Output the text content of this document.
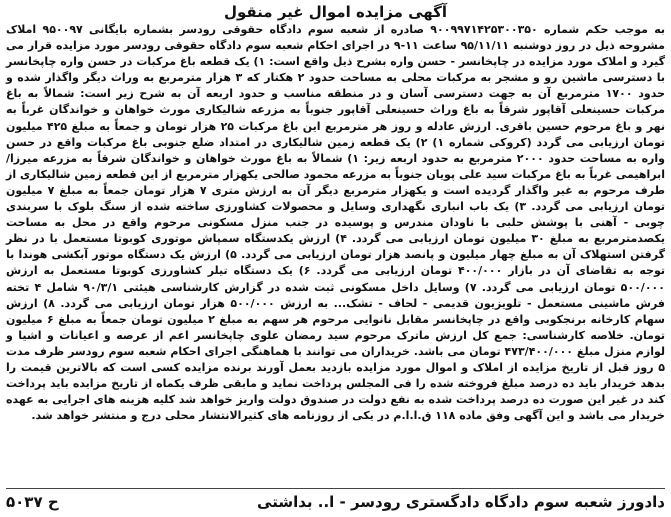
آگهی مزایده اموال غیر منقول

به موجب حکم شماره ۹۰۰۹۹۷۱۴۲۵۳۰۰۳۵۰ صادره از شعبه سوم دادگاه حقوقی رودسر بشماره بایگانی ۹۵۰۰۹۷ املاک مشروحه ذیل در روز دوشنبه ۹۵/۱۱/۱۱ ساعت ۱۱-۹ در اجرای احکام شعبه سوم دادگاه حقوقی رودسر مورد مزایده قرار می گیرد و املاک مورد مزایده در چاپخانسر - حسن واره بشرح ذیل واقع است: ۱) یک قطعه باغ مرکبات در حسن واره چاپخانسر با دسترسی ماشین رو و مشجر به مرکبات محلی به مساحت حدود ۲ هکتار که ۳ هزار مترمربع به وراث دیگر واگذار شده و حدود ۱۷۰۰ مترمربع آن به جهت دسترسی آسان و در منطقه مناسب و حدود اربعه آن به شرح زیر است: شمالاً به باغ مرکبات حسینعلی آقاپور شرقاً به باغ وراث حسینعلی آقاپور جنوباً به مزرعه شالیکاری مورث خواهان و خواندگان غرباً به نهر و باغ مرحوم حسین باقری. ارزش عادله و روز هر مترمربع این باغ مرکبات ۲۵ هزار تومان و جمعاً به مبلغ ۴۲۵ میلیون تومان ارزیابی می گردد (کروکی شماره ۱) ۲) یک قطعه زمین شالیکاری در امتداد ضلع جنوبی باغ مرکبات واقع در حسن واره به مساحت حدود ۲۰۰۰ مترمربع به حدود اربعه زیر: ۱) شمالاً به باغ مورث خواهان و خواندگان شرقاً به مزرعه میرزا/ابراهیمی غرباً به باغ مرکبات سید علی پویان جنوباً به مزرعه محمود صالحی یکهزار مترمربع از این قطعه زمین شالیکاری از طرف مرحوم به غیر واگذار گردیده است و یکهزار مترمربع دیگر آن به ارزش متری ۷ هزار تومان جمعاً به مبلغ ۷ میلیون تومان ارزیابی می گردد. ۳) یک باب انباری نگهداری وسایل و محصولات کشاورزی ساخته شده از سنگ بلوک با سربندی چوبی - آهنی با پوشش حلبی با ناودان مندرس و پوسیده در جنب منزل مسکونی مرحوم واقع در محل به مساحت یکصدمترمربع به مبلغ ۳۰ میلیون تومان ارزیابی می گردد. ۴) ارزش یکدستگاه سمپاش موتوری کوبوتا مستعمل با در نظر گرفتن استهلاک آن به مبلغ چهار میلیون و پانصد هزار تومان ارزیابی می گردد. ۵) ارزش یک دستگاه موتور آبکشی هوندا با توجه به تقاضای آن در بازار ۴۰۰/۰۰۰ تومان ارزیابی می گردد. ۶) یک دستگاه تیلر کشاورزی کوبوتا مستعمل به ارزش ۵۰۰/۰۰۰ تومان ارزیابی می گردد. ۷) وسایل داخل مسکونی ثبت شده در گزارش کارشناسی هیئتی ۹۰/۳/۱ شامل ۴ تخته فرش ماشینی مستعمل - تلویزیون قدیمی - لحاف - تشک... به ارزش ۵۰۰/۰۰۰ هزار تومان ارزیابی می گردد. ۸) ارزش سهام کارخانه برنجکوبی واقع در چاپخانسر مقابل نانوایی مرحوم هر سهم به مبلغ ۲ میلیون تومان جمعاً به مبلغ ۶ میلیون تومان. خلاصه کارشناسی: جمع کل ارزش ماترک مرحوم سید رمضان علوی چاپخانسر اعم از عرصه و اعیانات و اشیا و لوازم منزل مبلغ ۴۷۳/۴۰۰/۰۰۰ تومان می باشد. خریداران می توانند با هماهنگی اجرای احکام شعبه سوم رودسر ظرف مدت ۵ روز قبل از تاریخ مزایده از املاک و اموال مورد مزایده بازدید بعمل آورند برنده مزایده کسی است که بالاترین قیمت را بدهد خریدار باید ده درصد مبلغ فروخته شده را فی المجلس پرداخت نماید و مابقی ظرف یکماه از تاریخ مزایده باید پرداخت کند در غیر این صورت ده درصد پرداخت شده به نفع دولت در صندوق دولت واریز خواهد شد کلیه هزینه های اجرایی به عهده خریدار می باشد و این آگهی وفق ماده ۱۱۸ ق.ا.ا.م در یکی از روزنامه های کثیرالانتشار محلی درج و منتشر خواهد شد.

دادورز شعبه سوم دادگاه دادگستری رودسر - ا.. بداشتی
ح ۵۰۳۷
